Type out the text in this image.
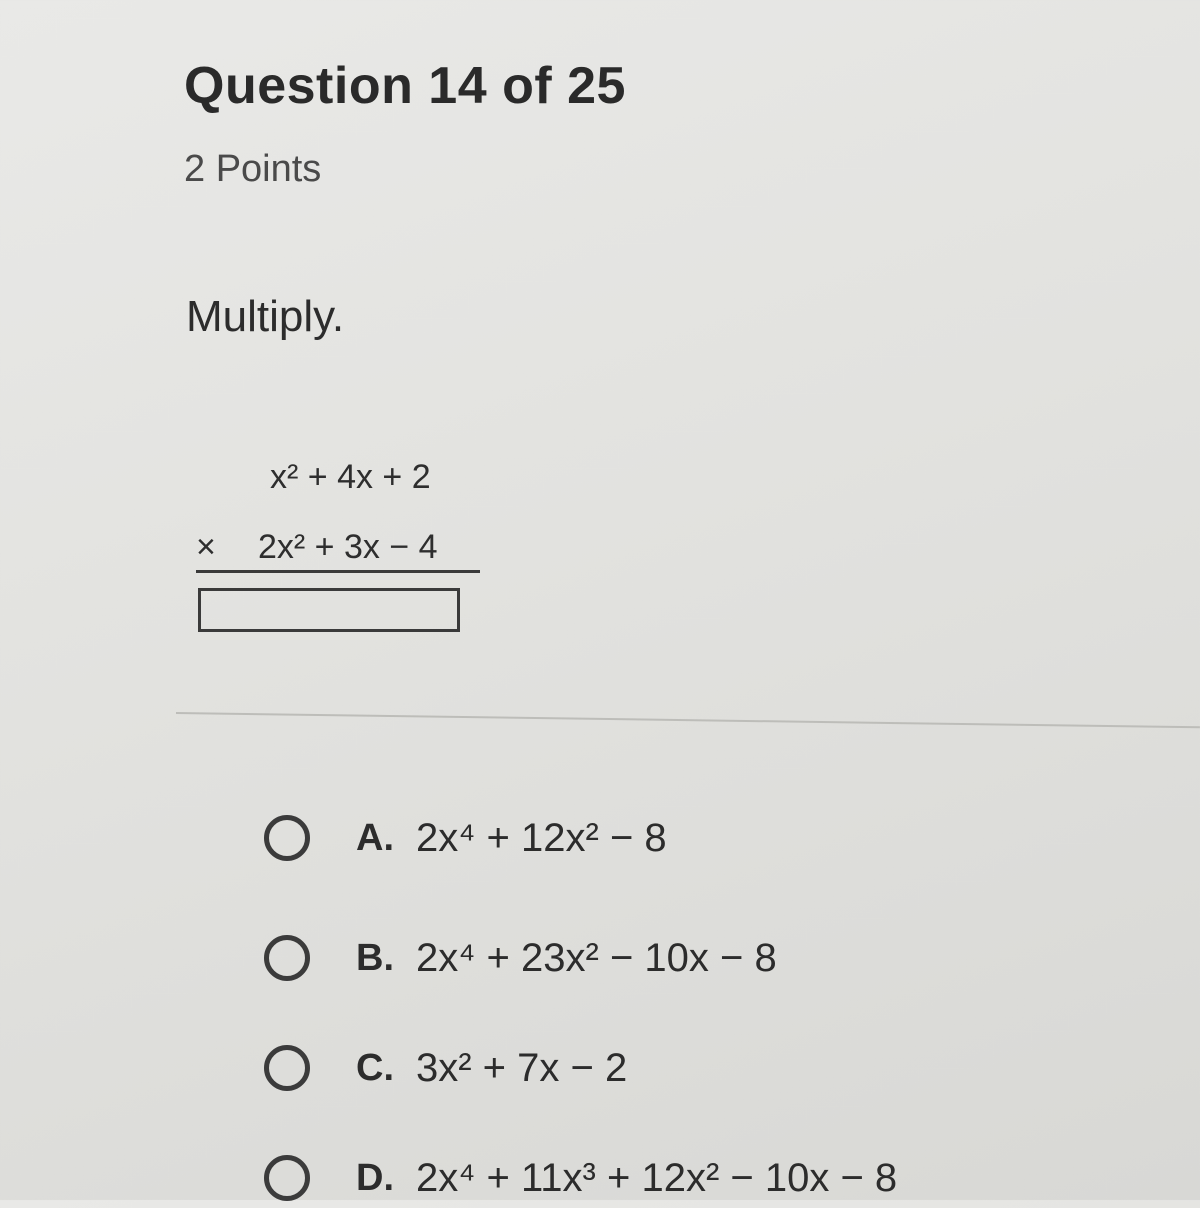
Question 14 of 25
2 Points
Multiply.
x² + 4x + 2
× 2x² + 3x − 4
A. 2x⁴ + 12x² − 8
B. 2x⁴ + 23x² − 10x − 8
C. 3x² + 7x − 2
D. 2x⁴ + 11x³ + 12x² − 10x − 8
